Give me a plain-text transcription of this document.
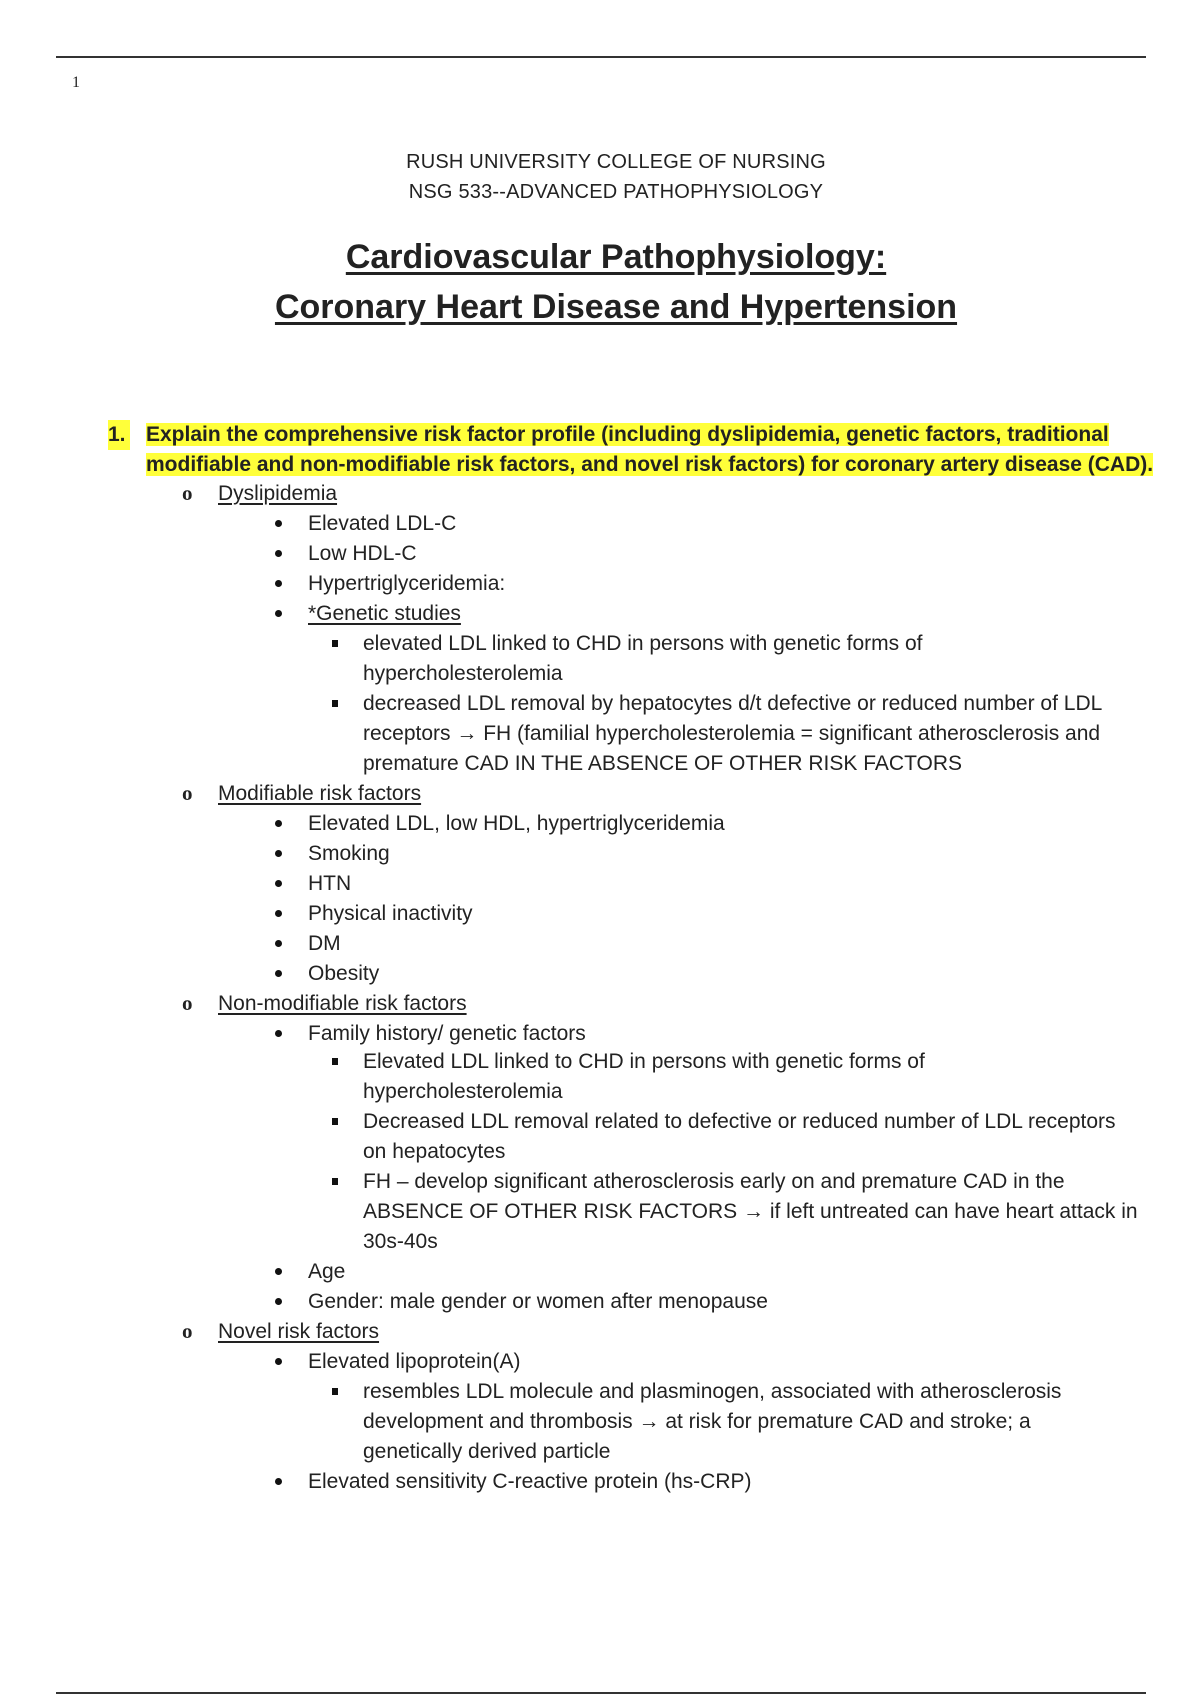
1
RUSH UNIVERSITY COLLEGE OF NURSING
NSG 533--ADVANCED PATHOPHYSIOLOGY
Cardiovascular Pathophysiology:
Coronary Heart Disease and Hypertension
1. Explain the comprehensive risk factor profile (including dyslipidemia, genetic factors, traditional
modifiable and non-modifiable risk factors, and novel risk factors) for coronary artery disease (CAD).
o Dyslipidemia
Elevated LDL-C
Low HDL-C
Hypertriglyceridemia:
*Genetic studies
elevated LDL linked to CHD in persons with genetic forms of
hypercholesterolemia
decreased LDL removal by hepatocytes d/t defective or reduced number of LDL
receptors → FH (familial hypercholesterolemia = significant atherosclerosis and
premature CAD IN THE ABSENCE OF OTHER RISK FACTORS
o Modifiable risk factors
Elevated LDL, low HDL, hypertriglyceridemia
Smoking
HTN
Physical inactivity
DM
Obesity
o Non-modifiable risk factors
Family history/ genetic factors
Elevated LDL linked to CHD in persons with genetic forms of
hypercholesterolemia
Decreased LDL removal related to defective or reduced number of LDL receptors
on hepatocytes
FH – develop significant atherosclerosis early on and premature CAD in the
ABSENCE OF OTHER RISK FACTORS → if left untreated can have heart attack in
30s-40s
Age
Gender: male gender or women after menopause
o Novel risk factors
Elevated lipoprotein(A)
resembles LDL molecule and plasminogen, associated with atherosclerosis
development and thrombosis → at risk for premature CAD and stroke; a
genetically derived particle
Elevated sensitivity C-reactive protein (hs-CRP)
